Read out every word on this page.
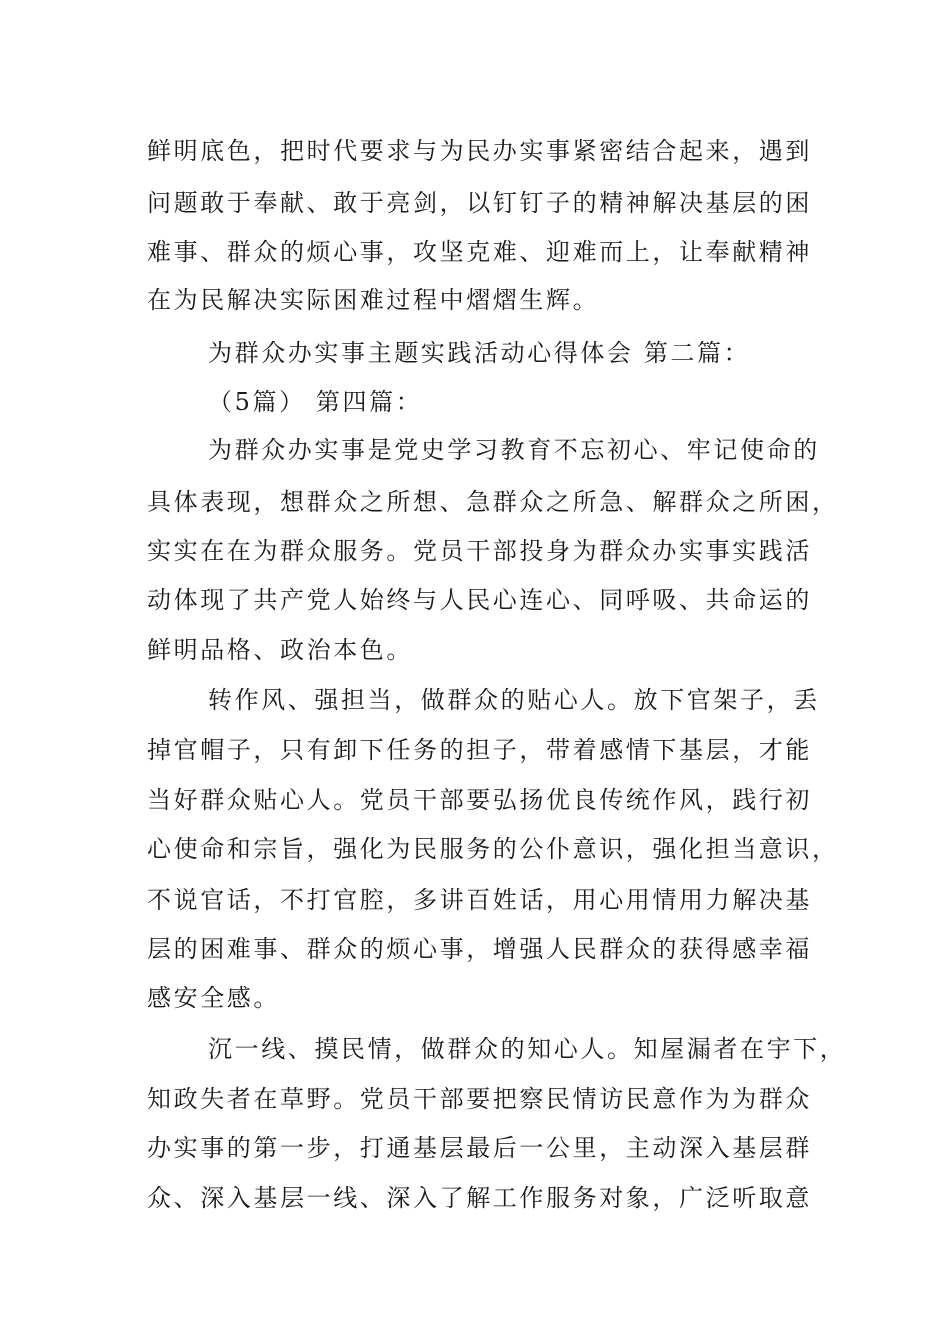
鲜明底色，把时代要求与为民办实事紧密结合起来，遇到
问题敢于奉献、敢于亮剑，以钉钉子的精神解决基层的困
难事、群众的烦心事，攻坚克难、迎难而上，让奉献精神
在为民解决实际困难过程中熠熠生辉。
为群众办实事主题实践活动心得体会 第二篇：
（5篇） 第四篇：
为群众办实事是党史学习教育不忘初心、牢记使命的
具体表现，想群众之所想、急群众之所急、解群众之所困，
实实在在为群众服务。党员干部投身为群众办实事实践活
动体现了共产党人始终与人民心连心、同呼吸、共命运的
鲜明品格、政治本色。
转作风、强担当，做群众的贴心人。放下官架子，丢
掉官帽子，只有卸下任务的担子，带着感情下基层，才能
当好群众贴心人。党员干部要弘扬优良传统作风，践行初
心使命和宗旨，强化为民服务的公仆意识，强化担当意识，
不说官话，不打官腔，多讲百姓话，用心用情用力解决基
层的困难事、群众的烦心事，增强人民群众的获得感幸福
感安全感。
沉一线、摸民情，做群众的知心人。知屋漏者在宇下，
知政失者在草野。党员干部要把察民情访民意作为为群众
办实事的第一步，打通基层最后一公里，主动深入基层群
众、深入基层一线、深入了解工作服务对象，广泛听取意
